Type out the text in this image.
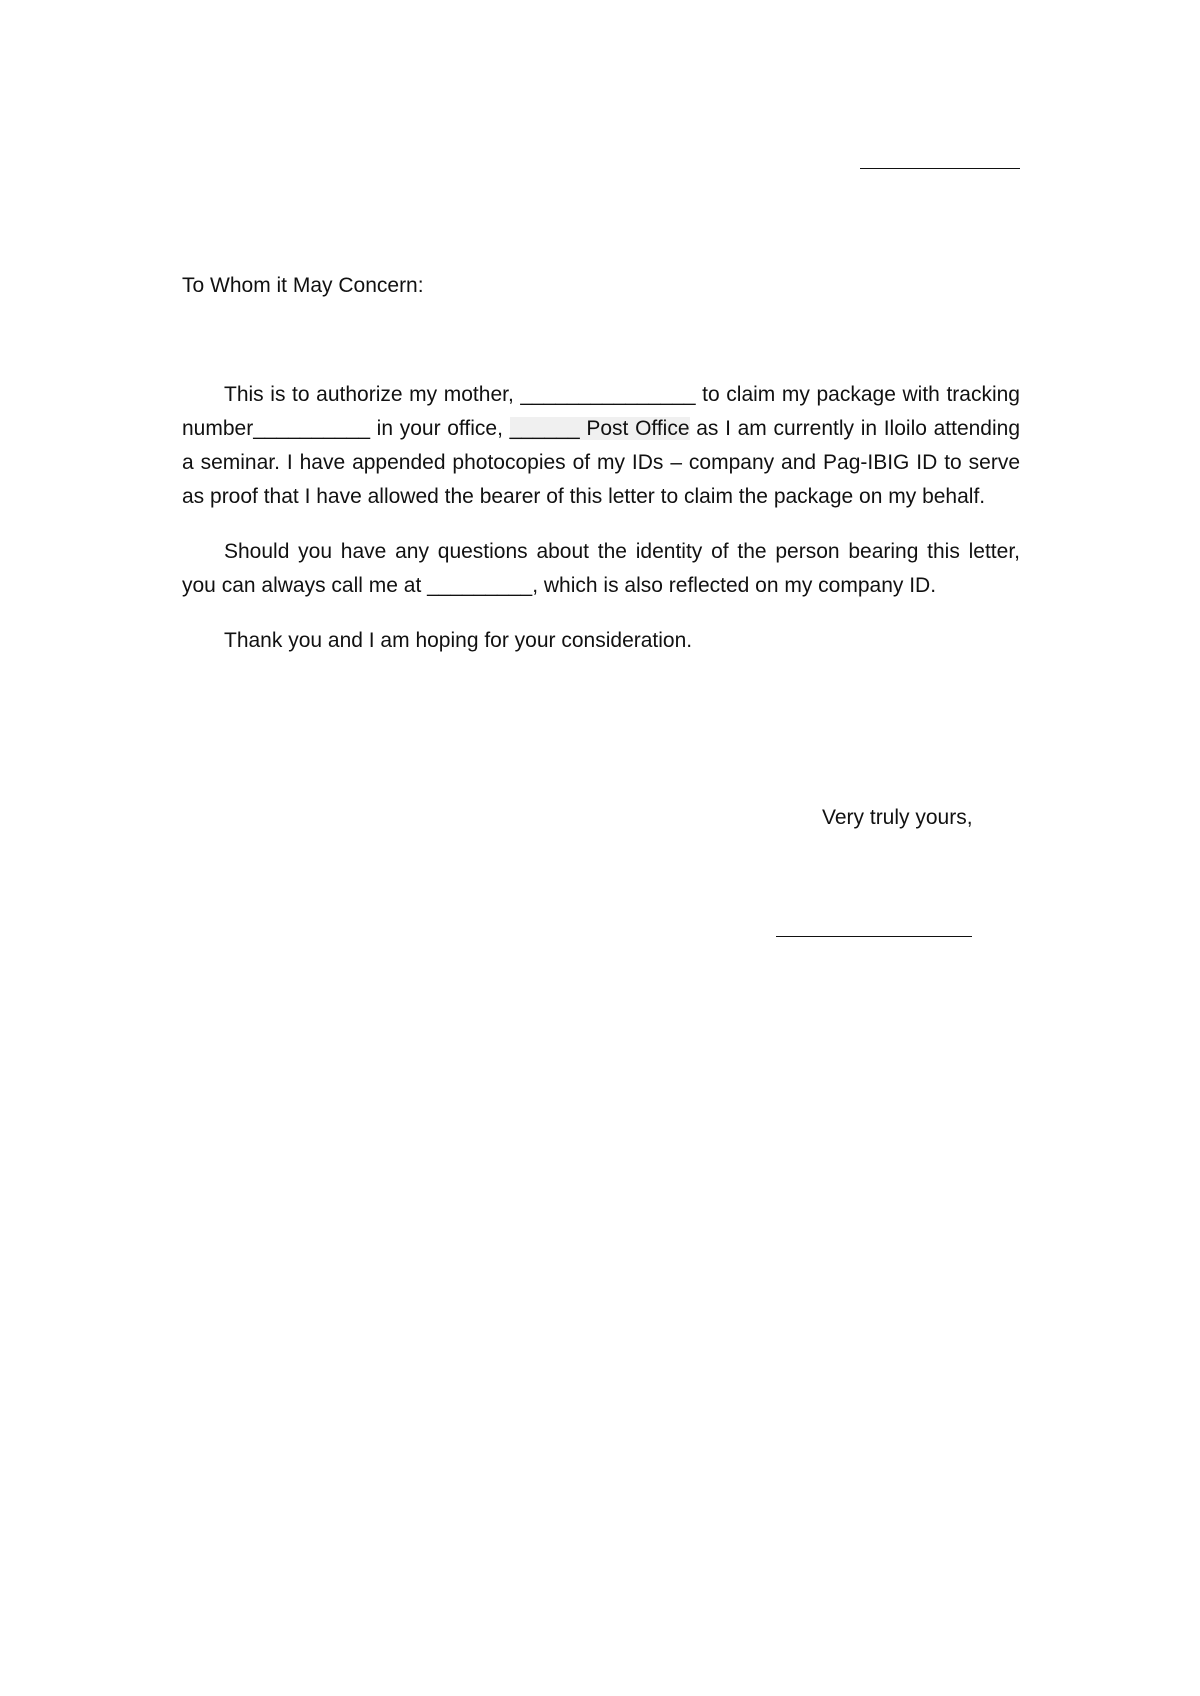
To Whom it May Concern:

This is to authorize my mother, _______________ to claim my package with tracking number__________ in your office, ______ Post Office as I am currently in Iloilo attending a seminar. I have appended photocopies of my IDs – company and Pag-IBIG ID to serve as proof that I have allowed the bearer of this letter to claim the package on my behalf.

Should you have any questions about the identity of the person bearing this letter, you can always call me at _________, which is also reflected on my company ID.

Thank you and I am hoping for your consideration.

Very truly yours,
